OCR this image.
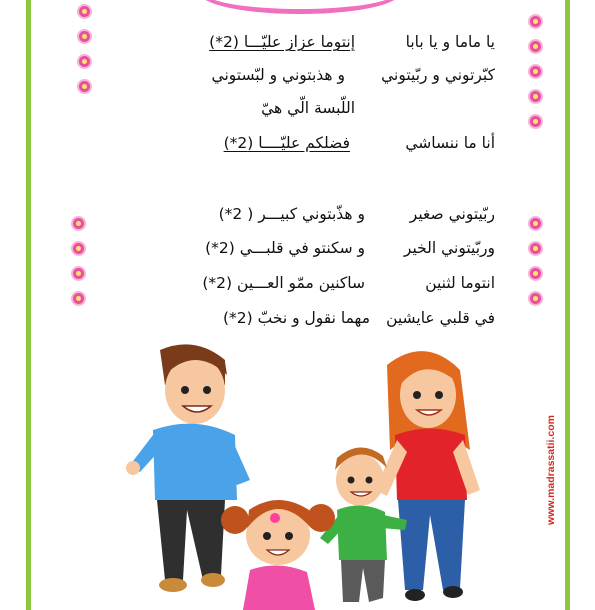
يا ماما و يا بابا
إنتوما عزاز عليّـــا (2*)
كبّرتوني و ربّيتوني
و هذبتوني و لبّستوني
اللّبسة الّي هيّ
أنا ما ننساشي
فضلكم عليّــــا (2*)
ربّيتوني صغير
و هذّبتوني كبيـــر ( 2*)
وربّيتوني الخير
و سكنتو في قلبـــي (2*)
انتوما لثنين
ساكنين ممّو العـــين (2*)
في قلبي عايشين
مهما نقول و نخبّ (2*)
www.madrassatii.com
